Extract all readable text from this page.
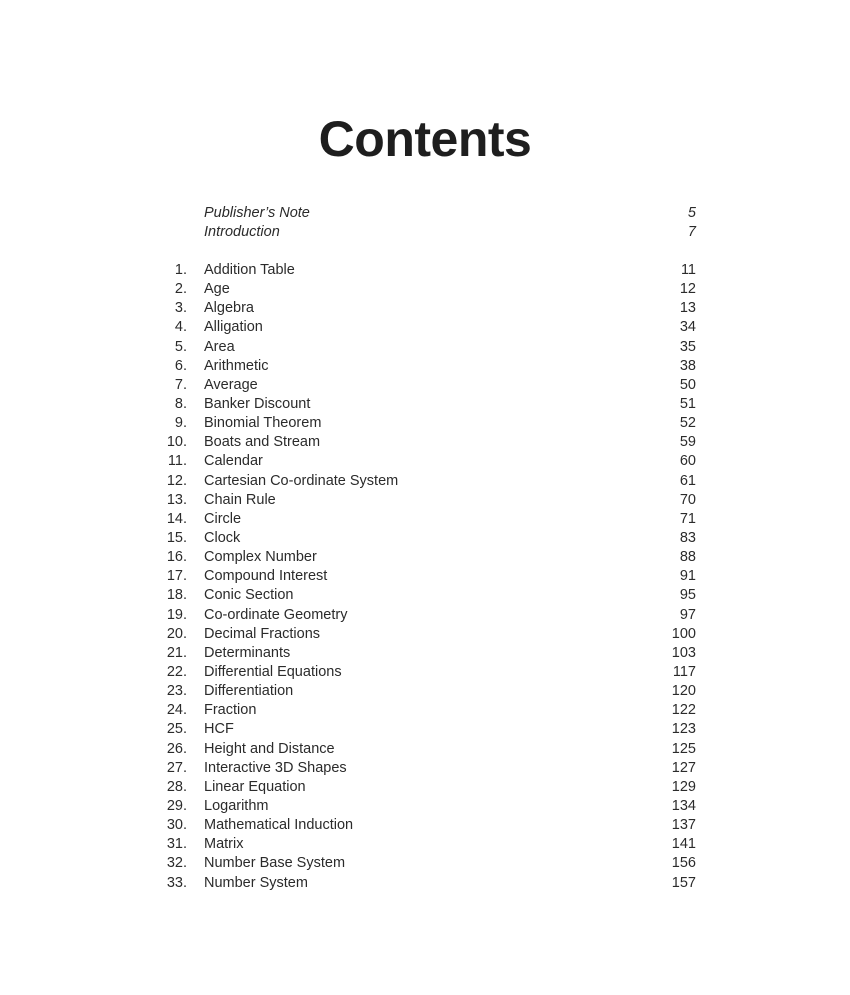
Contents
Publisher’s Note	5
Introduction	7
1. Addition Table	11
2. Age	12
3. Algebra	13
4. Alligation	34
5. Area	35
6. Arithmetic	38
7. Average	50
8. Banker Discount	51
9. Binomial Theorem	52
10. Boats and Stream	59
11. Calendar	60
12. Cartesian Co-ordinate System	61
13. Chain Rule	70
14. Circle	71
15. Clock	83
16. Complex Number	88
17. Compound Interest	91
18. Conic Section	95
19. Co-ordinate Geometry	97
20. Decimal Fractions	100
21. Determinants	103
22. Differential Equations	117
23. Differentiation	120
24. Fraction	122
25. HCF	123
26. Height and Distance	125
27. Interactive 3D Shapes	127
28. Linear Equation	129
29. Logarithm	134
30. Mathematical Induction	137
31. Matrix	141
32. Number Base System	156
33. Number System	157
